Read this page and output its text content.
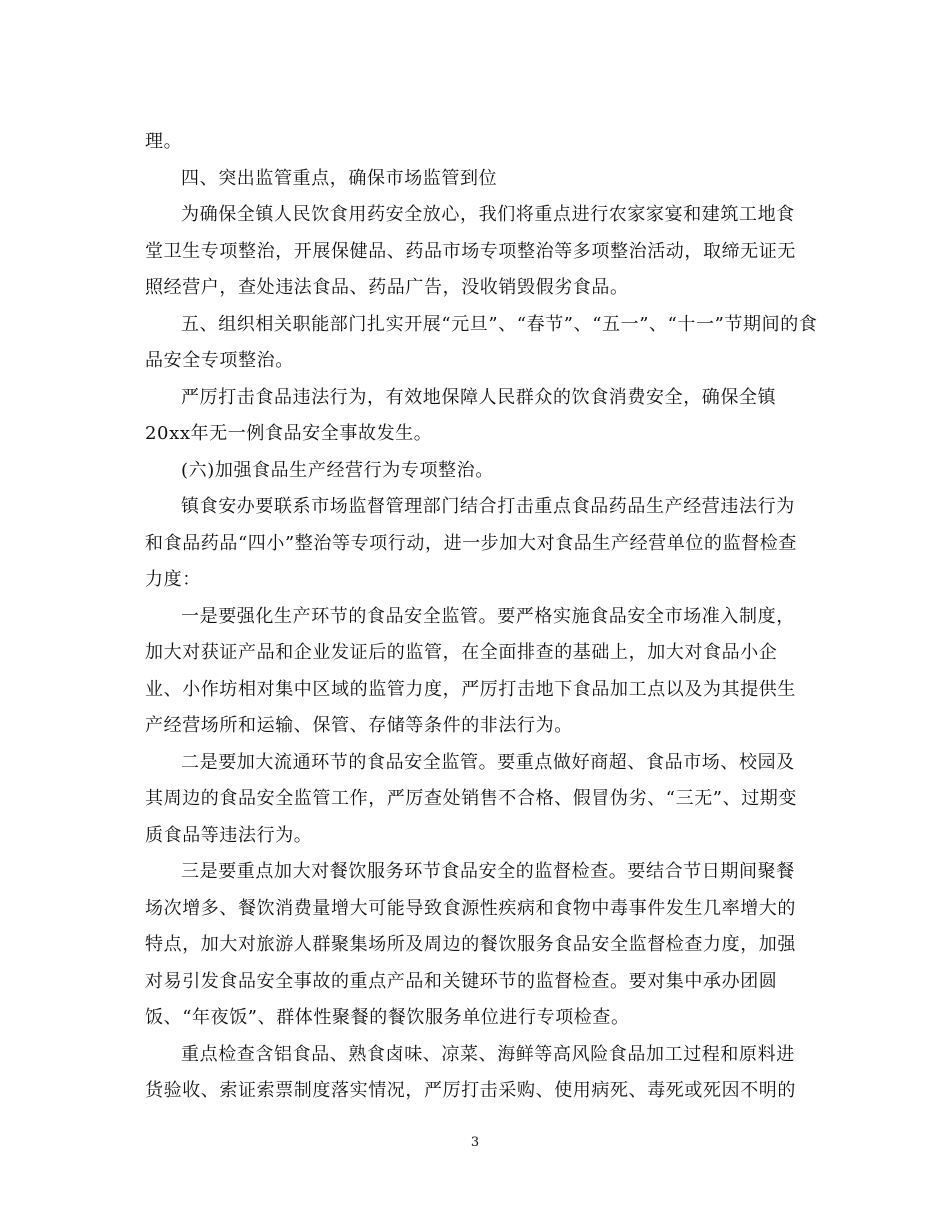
理。
四、突出监管重点，确保市场监管到位
为确保全镇人民饮食用药安全放心，我们将重点进行农家家宴和建筑工地食
堂卫生专项整治，开展保健品、药品市场专项整治等多项整治活动，取缔无证无
照经营户，查处违法食品、药品广告，没收销毁假劣食品。
五、组织相关职能部门扎实开展“元旦”、“春节”、“五一”、“十一”节期间的食
品安全专项整治。
严厉打击食品违法行为，有效地保障人民群众的饮食消费安全，确保全镇
20xx年无一例食品安全事故发生。
(六)加强食品生产经营行为专项整治。
镇食安办要联系市场监督管理部门结合打击重点食品药品生产经营违法行为
和食品药品“四小”整治等专项行动，进一步加大对食品生产经营单位的监督检查
力度：
一是要强化生产环节的食品安全监管。要严格实施食品安全市场准入制度，
加大对获证产品和企业发证后的监管，在全面排查的基础上，加大对食品小企
业、小作坊相对集中区域的监管力度，严厉打击地下食品加工点以及为其提供生
产经营场所和运输、保管、存储等条件的非法行为。
二是要加大流通环节的食品安全监管。要重点做好商超、食品市场、校园及
其周边的食品安全监管工作，严厉查处销售不合格、假冒伪劣、“三无”、过期变
质食品等违法行为。
三是要重点加大对餐饮服务环节食品安全的监督检查。要结合节日期间聚餐
场次增多、餐饮消费量增大可能导致食源性疾病和食物中毒事件发生几率增大的
特点，加大对旅游人群聚集场所及周边的餐饮服务食品安全监督检查力度，加强
对易引发食品安全事故的重点产品和关键环节的监督检查。要对集中承办团圆
饭、“年夜饭”、群体性聚餐的餐饮服务单位进行专项检查。
重点检查含铝食品、熟食卤味、凉菜、海鲜等高风险食品加工过程和原料进
货验收、索证索票制度落实情况，严厉打击采购、使用病死、毒死或死因不明的
3
